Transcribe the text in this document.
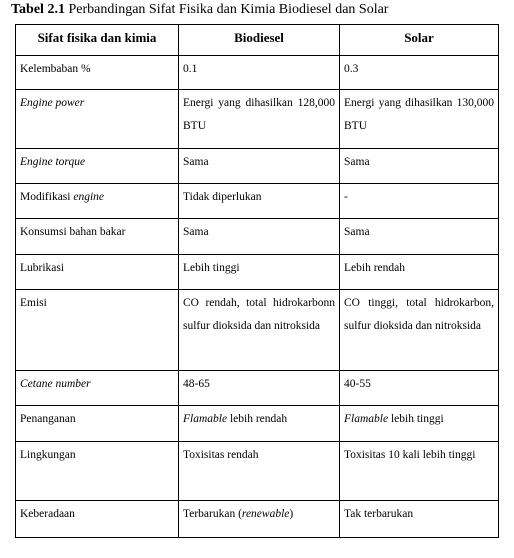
Tabel 2.1 Perbandingan Sifat Fisika dan Kimia Biodiesel dan Solar
Sifat fisika dan kimia	Biodiesel	Solar

Kelembaban %	0.1	0.3

Engine power	Energi yang dihasilkan 128,000 BTU	Energi yang dihasilkan 130,000 BTU

Engine torque	Sama	Sama

Modifikasi engine	Tidak diperlukan	-

Konsumsi bahan bakar	Sama	Sama

Lubrikasi	Lebih tinggi	Lebih rendah

Emisi	CO rendah, total hidrokarbonn sulfur dioksida dan nitroksida	CO tinggi, total hidrokarbon, sulfur dioksida dan nitroksida

Cetane number	48-65	40-55

Penanganan	Flamable lebih rendah	Flamable lebih tinggi

Lingkungan	Toxisitas rendah	Toxisitas 10 kali lebih tinggi

Keberadaan	Terbarukan (renewable)	Tak terbarukan
